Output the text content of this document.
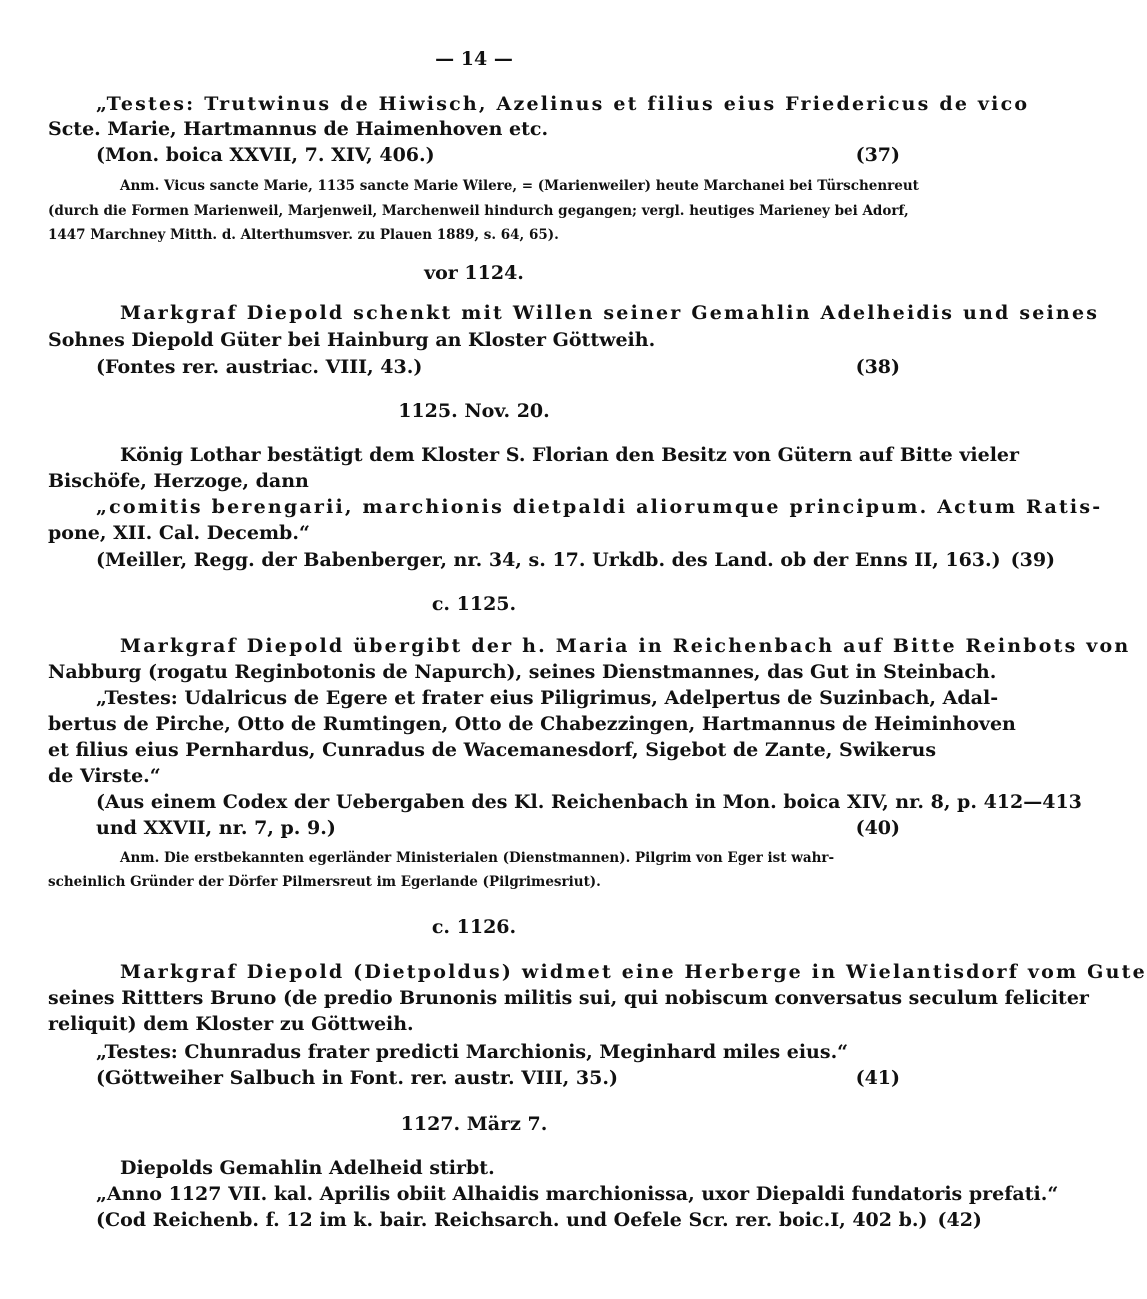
— 14 —
„Testes: Trutwinus de Hiwisch, Azelinus et filius eius Friedericus de vico
Scte. Marie, Hartmannus de Haimenhoven etc.
(Mon. boica XXVII, 7. XIV, 406.)	(37)
Anm. Vicus sancte Marie, 1135 sancte Marie Wilere, = (Marienweiler) heute Marchanei bei Türschenreut
(durch die Formen Marienweil, Marjenweil, Marchenweil hindurch gegangen; vergl. heutiges Marieney bei Adorf,
1447 Marchney Mitth. d. Alterthumsver. zu Plauen 1889, s. 64, 65).
vor 1124.
Markgraf Diepold schenkt mit Willen seiner Gemahlin Adelheidis und seines
Sohnes Diepold Güter bei Hainburg an Kloster Göttweih.
(Fontes rer. austriac. VIII, 43.)	(38)
1125. Nov. 20.
König Lothar bestätigt dem Kloster S. Florian den Besitz von Gütern auf Bitte vieler
Bischöfe, Herzoge, dann
„comitis berengarii, marchionis dietpaldi aliorumque principum. Actum Ratis-
pone, XII. Cal. Decemb.“
(Meiller, Regg. der Babenberger, nr. 34, s. 17. Urkdb. des Land. ob der Enns II, 163.) (39)
c. 1125.
Markgraf Diepold übergibt der h. Maria in Reichenbach auf Bitte Reinbots von
Nabburg (rogatu Reginbotonis de Napurch), seines Dienstmannes, das Gut in Steinbach.
„Testes: Udalricus de Egere et frater eius Piligrimus, Adelpertus de Suzinbach, Adal-
bertus de Pirche, Otto de Rumtingen, Otto de Chabezzingen, Hartmannus de Heiminhoven
et filius eius Pernhardus, Cunradus de Wacemanesdorf, Sigebot de Zante, Swikerus
de Virste.“
(Aus einem Codex der Uebergaben des Kl. Reichenbach in Mon. boica XIV, nr. 8, p. 412—413
und XXVII, nr. 7, p. 9.)	(40)
Anm. Die erstbekannten egerländer Ministerialen (Dienstmannen). Pilgrim von Eger ist wahr-
scheinlich Gründer der Dörfer Pilmersreut im Egerlande (Pilgrimesriut).
c. 1126.
Markgraf Diepold (Dietpoldus) widmet eine Herberge in Wielantisdorf vom Gute
seines Rittters Bruno (de predio Brunonis militis sui, qui nobiscum conversatus seculum feliciter
reliquit) dem Kloster zu Göttweih.
„Testes: Chunradus frater predicti Marchionis, Meginhard miles eius.“
(Göttweiher Salbuch in Font. rer. austr. VIII, 35.)	(41)
1127. März 7.
Diepolds Gemahlin Adelheid stirbt.
„Anno 1127 VII. kal. Aprilis obiit Alhaidis marchionissa, uxor Diepaldi fundatoris prefati.“
(Cod Reichenb. f. 12 im k. bair. Reichsarch. und Oefele Scr. rer. boic.I, 402 b.) (42)
